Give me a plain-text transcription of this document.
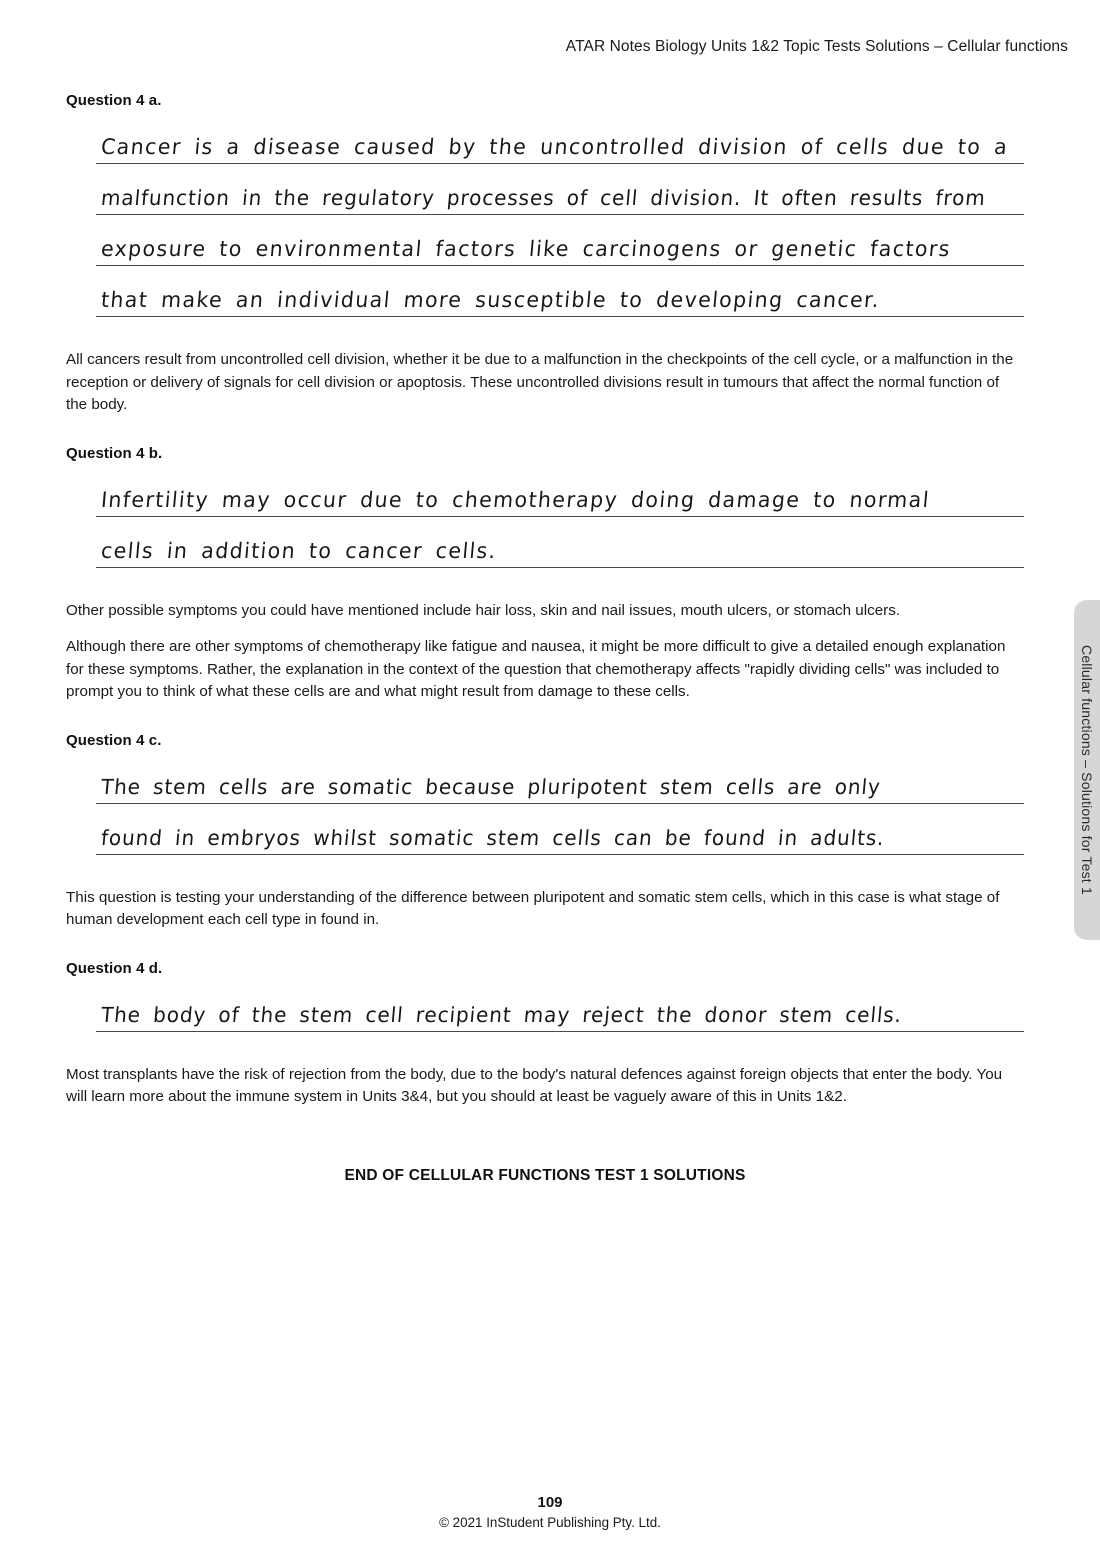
ATAR Notes Biology Units 1&2 Topic Tests Solutions – Cellular functions
Cellular functions – Solutions for Test 1
Question 4 a.
Cancer is a disease caused by the uncontrolled division of cells due to a
malfunction in the regulatory processes of cell division. It often results from
exposure to environmental factors like carcinogens or genetic factors
that make an individual more susceptible to developing cancer.

All cancers result from uncontrolled cell division, whether it be due to a malfunction in the checkpoints of the cell cycle, or a malfunction in the reception or delivery of signals for cell division or apoptosis. These uncontrolled divisions result in tumours that affect the normal function of the body.

Question 4 b.
Infertility may occur due to chemotherapy doing damage to normal
cells in addition to cancer cells.

Other possible symptoms you could have mentioned include hair loss, skin and nail issues, mouth ulcers, or stomach ulcers.

Although there are other symptoms of chemotherapy like fatigue and nausea, it might be more difficult to give a detailed enough explanation for these symptoms. Rather, the explanation in the context of the question that chemotherapy affects "rapidly dividing cells" was included to prompt you to think of what these cells are and what might result from damage to these cells.

Question 4 c.
The stem cells are somatic because pluripotent stem cells are only
found in embryos whilst somatic stem cells can be found in adults.

This question is testing your understanding of the difference between pluripotent and somatic stem cells, which in this case is what stage of human development each cell type in found in.

Question 4 d.
The body of the stem cell recipient may reject the donor stem cells.

Most transplants have the risk of rejection from the body, due to the body's natural defences against foreign objects that enter the body. You will learn more about the immune system in Units 3&4, but you should at least be vaguely aware of this in Units 1&2.

END OF CELLULAR FUNCTIONS TEST 1 SOLUTIONS
109
© 2021 InStudent Publishing Pty. Ltd.
